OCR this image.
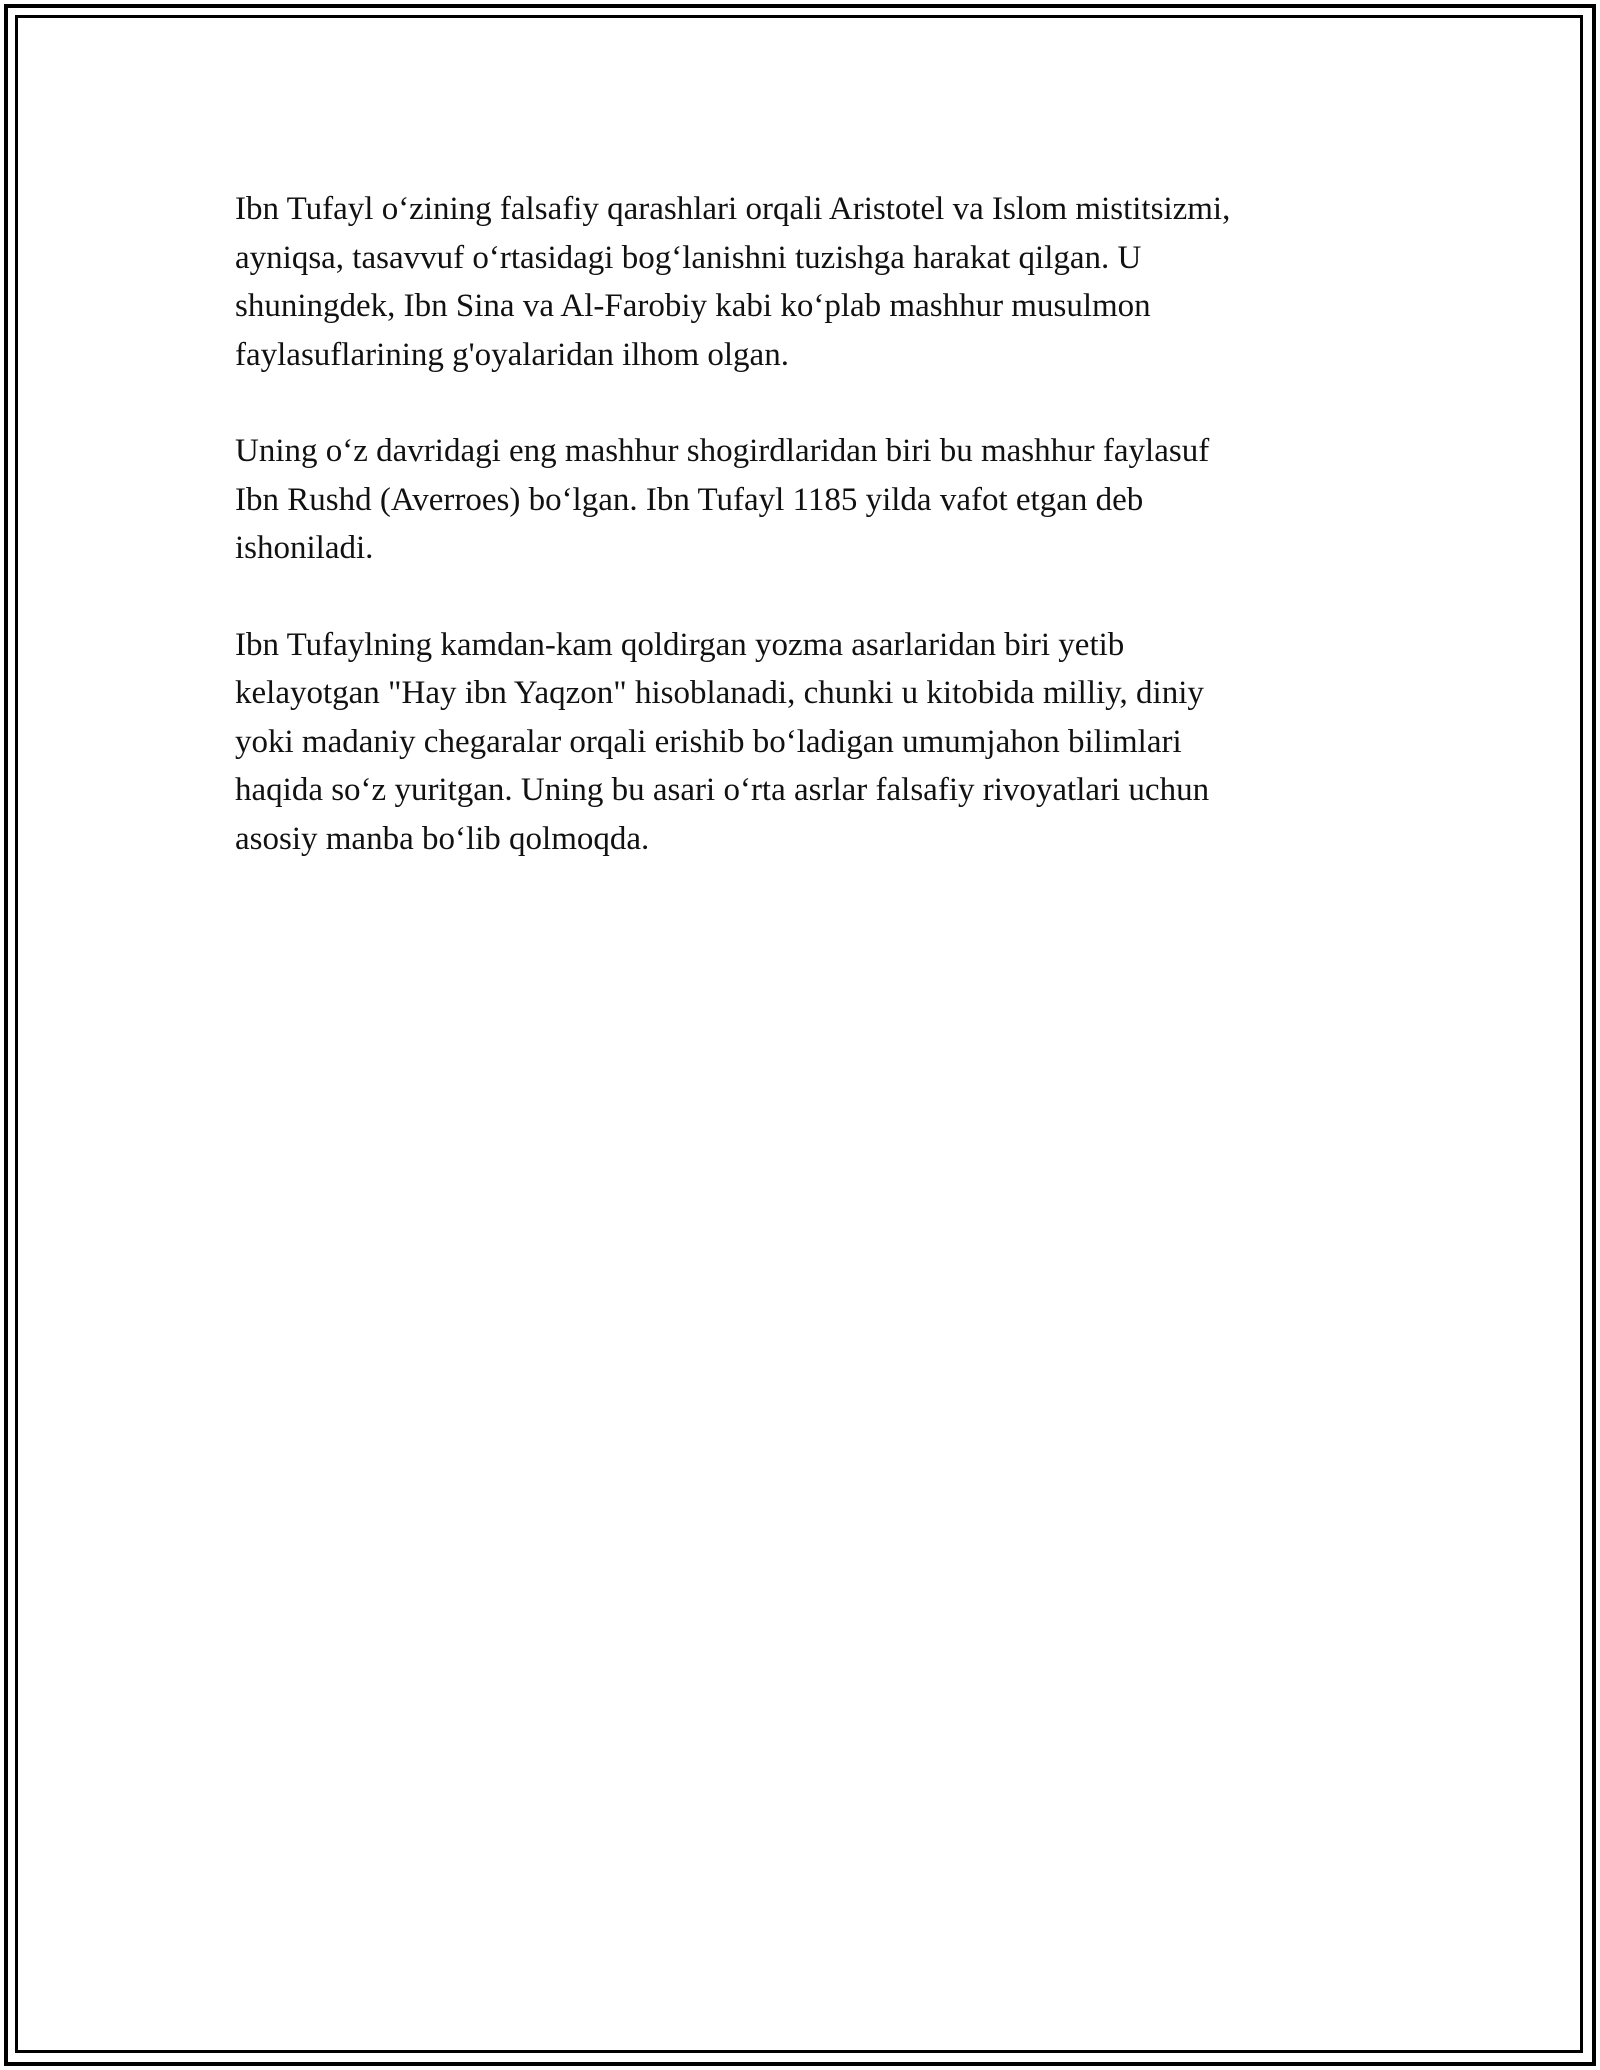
Ibn Tufayl oʻzining falsafiy qarashlari orqali Aristotel va Islom mistitsizmi,
ayniqsa, tasavvuf oʻrtasidagi bogʻlanishni tuzishga harakat qilgan. U
shuningdek, Ibn Sina va Al-Farobiy kabi koʻplab mashhur musulmon
faylasuflarining g'oyalaridan ilhom olgan.

Uning oʻz davridagi eng mashhur shogirdlaridan biri bu mashhur faylasuf
Ibn Rushd (Averroes) boʻlgan. Ibn Tufayl 1185 yilda vafot etgan deb
ishoniladi.

Ibn Tufaylning kamdan-kam qoldirgan yozma asarlaridan biri yetib
kelayotgan "Hay ibn Yaqzon" hisoblanadi, chunki u kitobida milliy, diniy
yoki madaniy chegaralar orqali erishib boʻladigan umumjahon bilimlari
haqida soʻz yuritgan. Uning bu asari oʻrta asrlar falsafiy rivoyatlari uchun
asosiy manba boʻlib qolmoqda.
